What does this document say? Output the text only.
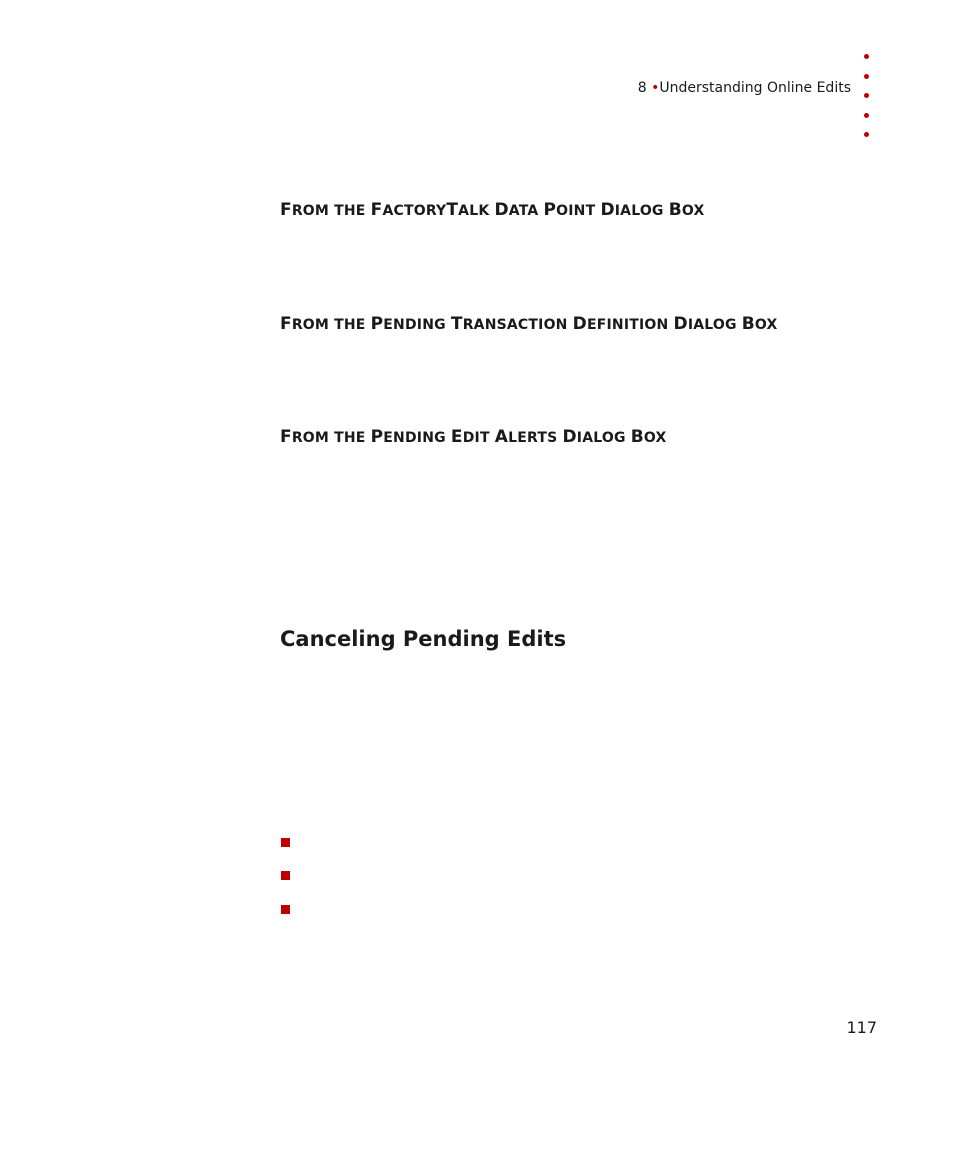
8 •Understanding Online Edits
FROM THE FACTORYTALK DATA POINT DIALOG BOX
FROM THE PENDING TRANSACTION DEFINITION DIALOG BOX
FROM THE PENDING EDIT ALERTS DIALOG BOX
Canceling Pending Edits
117
